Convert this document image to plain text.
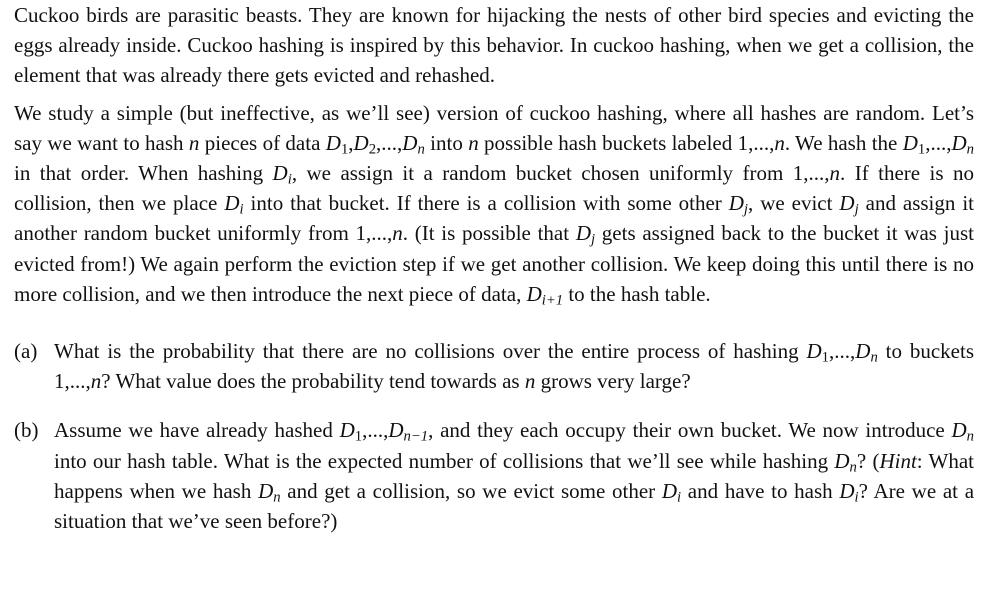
Cuckoo birds are parasitic beasts. They are known for hijacking the nests of other bird species and evicting the eggs already inside. Cuckoo hashing is inspired by this behavior. In cuckoo hashing, when we get a collision, the element that was already there gets evicted and rehashed.

We study a simple (but ineffective, as we’ll see) version of cuckoo hashing, where all hashes are random. Let’s say we want to hash n pieces of data $D_1,D_2,...,D_n$ into n possible hash buckets labeled 1,...,n. We hash the $D_1,...,D_n$ in that order. When hashing $D_i$, we assign it a random bucket chosen uniformly from 1,...,n. If there is no collision, then we place $D_i$ into that bucket. If there is a collision with some other $D_j$, we evict $D_j$ and assign it another random bucket uniformly from 1,...,n. (It is possible that $D_j$ gets assigned back to the bucket it was just evicted from!) We again perform the eviction step if we get another collision. We keep doing this until there is no more collision, and we then introduce the next piece of data, $D_{i+1}$ to the hash table.

(a) What is the probability that there are no collisions over the entire process of hashing $D_1,...,D_n$ to buckets 1,...,n? What value does the probability tend towards as n grows very large?
(b) Assume we have already hashed $D_1,...,D_{n-1}$, and they each occupy their own bucket. We now introduce $D_n$ into our hash table. What is the expected number of collisions that we’ll see while hashing $D_n$? (Hint: What happens when we hash $D_n$ and get a collision, so we evict some other $D_i$ and have to hash $D_i$? Are we at a situation that we’ve seen before?)
